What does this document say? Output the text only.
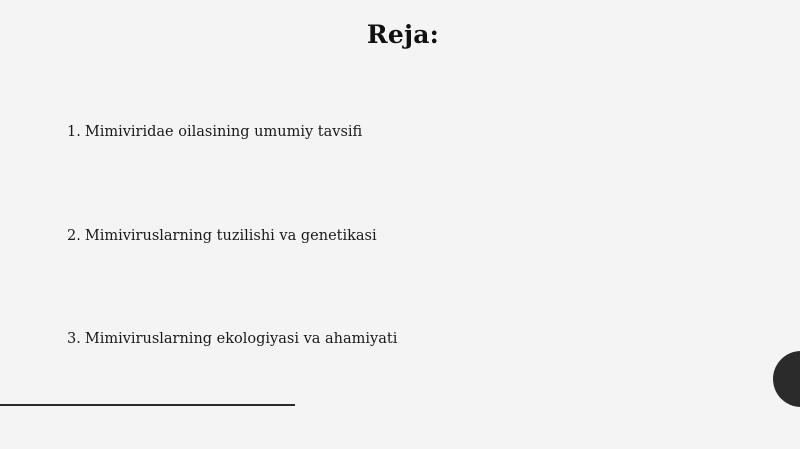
Reja:
1. Mimiviridae oilasining umumiy tavsifi
2. Mimiviruslarning tuzilishi va genetikasi
3. Mimiviruslarning ekologiyasi va ahamiyati
